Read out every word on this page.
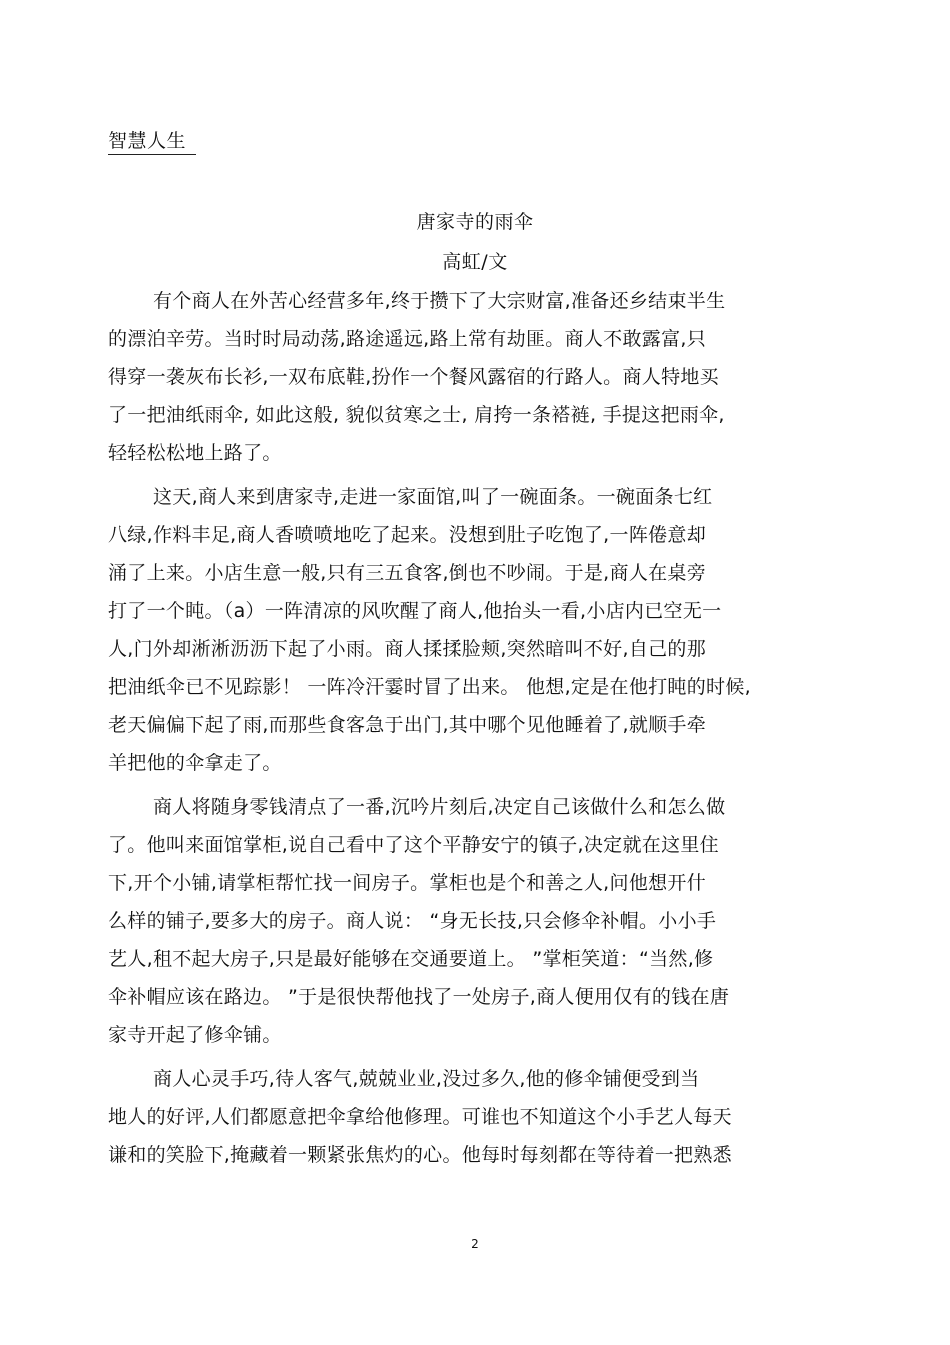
智慧人生
唐家寺的雨伞
高虹/文
有个商人在外苦心经营多年,终于攒下了大宗财富,准备还乡结束半生
的漂泊辛劳。当时时局动荡,路途遥远,路上常有劫匪。商人不敢露富,只
得穿一袭灰布长衫,一双布底鞋,扮作一个餐风露宿的行路人。商人特地买
了一把油纸雨伞, 如此这般, 貌似贫寒之士, 肩挎一条褡裢, 手提这把雨伞,
轻轻松松地上路了。
这天,商人来到唐家寺,走进一家面馆,叫了一碗面条。一碗面条七红
八绿,作料丰足,商人香喷喷地吃了起来。没想到肚子吃饱了,一阵倦意却
涌了上来。小店生意一般,只有三五食客,倒也不吵闹。于是,商人在桌旁
打了一个盹。（a）一阵清凉的风吹醒了商人,他抬头一看,小店内已空无一
人,门外却淅淅沥沥下起了小雨。商人揉揉脸颊,突然暗叫不好,自己的那
把油纸伞已不见踪影！ 一阵冷汗霎时冒了出来。 他想,定是在他打盹的时候,
老天偏偏下起了雨,而那些食客急于出门,其中哪个见他睡着了,就顺手牵
羊把他的伞拿走了。
商人将随身零钱清点了一番,沉吟片刻后,决定自己该做什么和怎么做
了。他叫来面馆掌柜,说自己看中了这个平静安宁的镇子,决定就在这里住
下,开个小铺,请掌柜帮忙找一间房子。掌柜也是个和善之人,问他想开什
么样的铺子,要多大的房子。商人说： “身无长技,只会修伞补帽。小小手
艺人,租不起大房子,只是最好能够在交通要道上。 ”掌柜笑道：“当然,修
伞补帽应该在路边。 ”于是很快帮他找了一处房子,商人便用仅有的钱在唐
家寺开起了修伞铺。
商人心灵手巧,待人客气,兢兢业业,没过多久,他的修伞铺便受到当
地人的好评,人们都愿意把伞拿给他修理。可谁也不知道这个小手艺人每天
谦和的笑脸下,掩藏着一颗紧张焦灼的心。他每时每刻都在等待着一把熟悉
2
